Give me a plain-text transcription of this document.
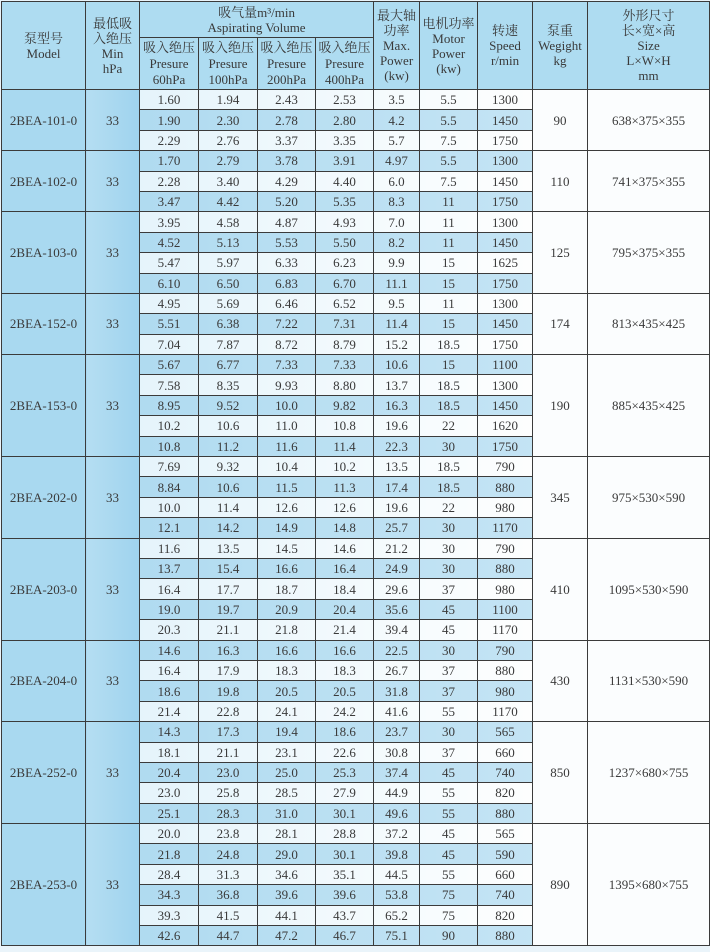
泵型号
Model	最低吸
入绝压
Min
hPa	吸气量m³/min
Aspirating Volume				最大轴
功率
Max.
Power
(kw)	电机功率
Motor
Power
(kw)	转速
Speed
r/min	泵重
Wegight
kg	外形尺寸
长×宽×高
Size
L×W×H
mm

		吸入绝压
Presure
60hPa	吸入绝压
Presure
100hPa	吸入绝压
Presure
200hPa	吸入绝压
Presure
400hPa					

2BEA-101-0	33	1.60	1.94	2.43	2.53	3.5	5.5	1300	90	638×375×355
		1.90	2.30	2.78	2.80	4.2	5.5	1450		
		2.29	2.76	3.37	3.35	5.7	7.5	1750		
2BEA-102-0	33	1.70	2.79	3.78	3.91	4.97	5.5	1300	110	741×375×355
		2.28	3.40	4.29	4.40	6.0	7.5	1450		
		3.47	4.42	5.20	5.35	8.3	11	1750		
2BEA-103-0	33	3.95	4.58	4.87	4.93	7.0	11	1300	125	795×375×355
		4.52	5.13	5.53	5.50	8.2	11	1450		
		5.47	5.97	6.33	6.23	9.9	15	1625		
		6.10	6.50	6.83	6.70	11.1	15	1750		
2BEA-152-0	33	4.95	5.69	6.46	6.52	9.5	11	1300	174	813×435×425
		5.51	6.38	7.22	7.31	11.4	15	1450		
		7.04	7.87	8.72	8.79	15.2	18.5	1750		
2BEA-153-0	33	5.67	6.77	7.33	7.33	10.6	15	1100	190	885×435×425
		7.58	8.35	9.93	8.80	13.7	18.5	1300		
		8.95	9.52	10.0	9.82	16.3	18.5	1450		
		10.2	10.6	11.0	10.8	19.6	22	1620		
		10.8	11.2	11.6	11.4	22.3	30	1750		
2BEA-202-0	33	7.69	9.32	10.4	10.2	13.5	18.5	790	345	975×530×590
		8.84	10.6	11.5	11.3	17.4	18.5	880		
		10.0	11.4	12.6	12.6	19.6	22	980		
		12.1	14.2	14.9	14.8	25.7	30	1170		
2BEA-203-0	33	11.6	13.5	14.5	14.6	21.2	30	790	410	1095×530×590
		13.7	15.4	16.6	16.4	24.9	30	880		
		16.4	17.7	18.7	18.4	29.6	37	980		
		19.0	19.7	20.9	20.4	35.6	45	1100		
		20.3	21.1	21.8	21.4	39.4	45	1170		
2BEA-204-0	33	14.6	16.3	16.6	16.6	22.5	30	790	430	1131×530×590
		16.4	17.9	18.3	18.3	26.7	37	880		
		18.6	19.8	20.5	20.5	31.8	37	980		
		21.4	22.8	24.1	24.2	41.6	55	1170		
2BEA-252-0	33	14.3	17.3	19.4	18.6	23.7	30	565	850	1237×680×755
		18.1	21.1	23.1	22.6	30.8	37	660		
		20.4	23.0	25.0	25.3	37.4	45	740		
		23.0	25.8	28.5	27.9	44.9	55	820		
		25.1	28.3	31.0	30.1	49.6	55	880		
2BEA-253-0	33	20.0	23.8	28.1	28.8	37.2	45	565	890	1395×680×755
		21.8	24.8	29.0	30.1	39.8	45	590		
		28.4	31.3	34.6	35.1	44.5	55	660		
		34.3	36.8	39.6	39.6	53.8	75	740		
		39.3	41.5	44.1	43.7	65.2	75	820		
		42.6	44.7	47.2	46.7	75.1	90	880		
